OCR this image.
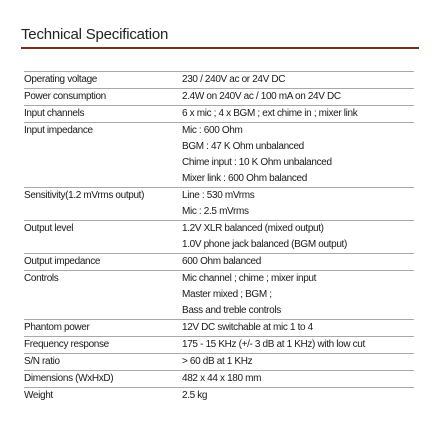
Technical Specification
Operating voltage	230 / 240V ac or 24V DC
Power consumption	2.4W on 240V ac / 100 mA on 24V DC
Input channels	6 x mic ; 4 x BGM ; ext chime in ; mixer link
Input impedance	Mic : 600 Ohm
BGM : 47 K Ohm unbalanced
Chime input : 10 K Ohm unbalanced
Mixer link : 600 Ohm balanced
Sensitivity(1.2 mVrms output)	Line : 530 mVrms
Mic : 2.5 mVrms
Output level	1.2V XLR balanced (mixed output)
1.0V phone jack balanced (BGM output)
Output impedance	600 Ohm balanced
Controls	Mic channel ; chime ; mixer input
Master mixed ; BGM ;
Bass and treble controls
Phantom power	12V DC switchable at mic 1 to 4
Frequency response	175 - 15 KHz (+/- 3 dB at 1 KHz) with low cut
S/N ratio	> 60 dB at 1 KHz
Dimensions (WxHxD)	482 x 44 x 180 mm
Weight	2.5 kg
